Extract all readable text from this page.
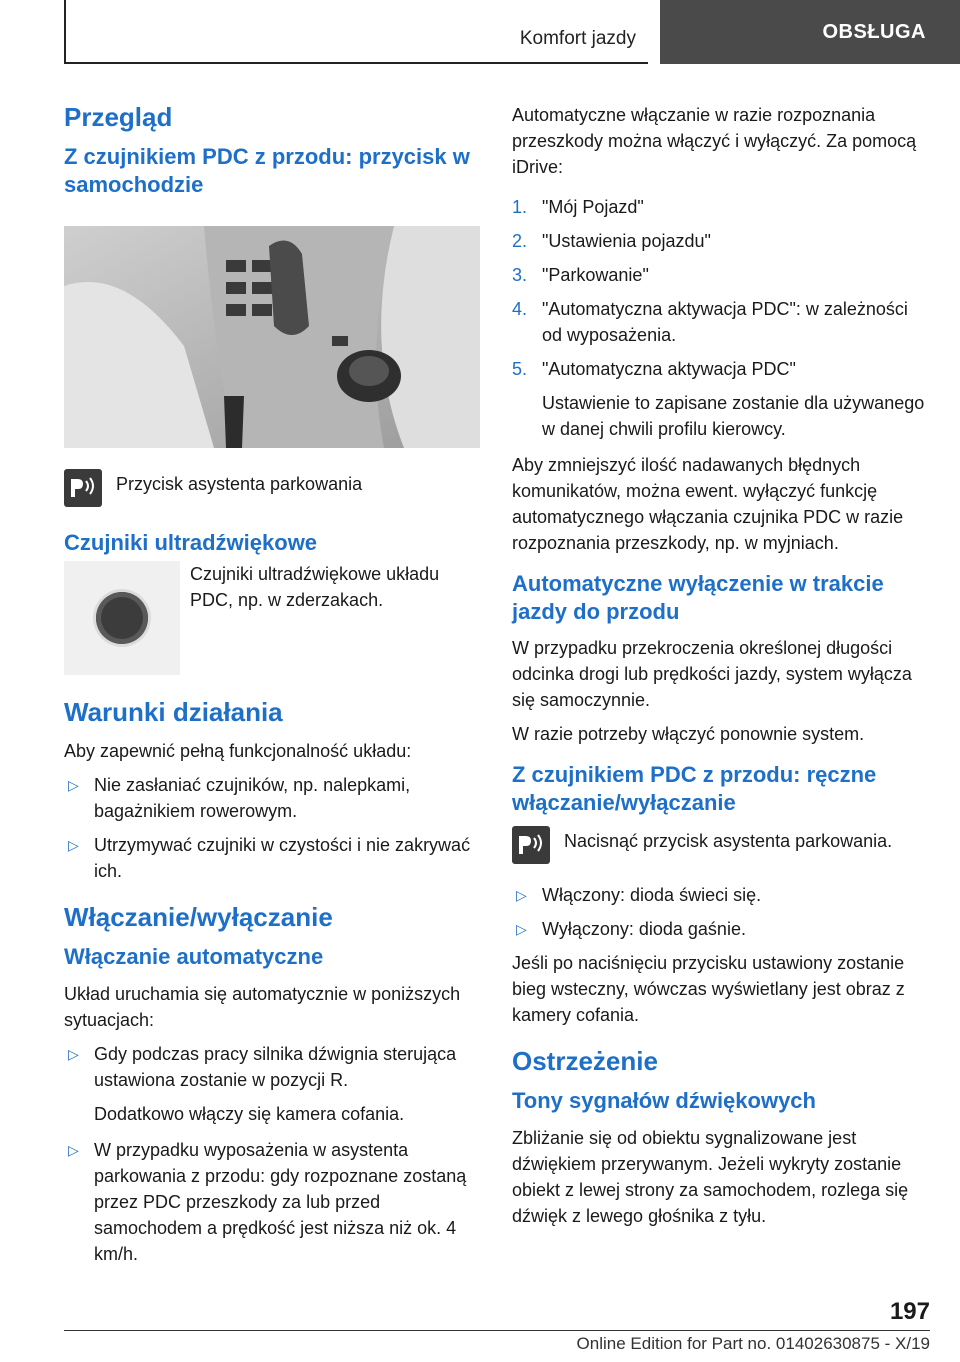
Komfort jazdy	OBSŁUGA
Przegląd
Z czujnikiem PDC z przodu: przycisk w samochodzie
Przycisk asystenta parkowania
Czujniki ultradźwiękowe
Czujniki ultradźwiękowe układu PDC, np. w zderzakach.
Warunki działania
Aby zapewnić pełną funkcjonalność układu:
▷ Nie zasłaniać czujników, np. nalepkami, bagażnikiem rowerowym.
▷ Utrzymywać czujniki w czystości i nie zakrywać ich.
Włączanie/wyłączanie
Włączanie automatyczne
Układ uruchamia się automatycznie w poniższych sytuacjach:
▷ Gdy podczas pracy silnika dźwignia sterująca ustawiona zostanie w pozycji R.
Dodatkowo włączy się kamera cofania.
▷ W przypadku wyposażenia w asystenta parkowania z przodu: gdy rozpoznane zostaną przez PDC przeszkody za lub przed samochodem a prędkość jest niższa niż ok. 4 km/h.
Automatyczne włączanie w razie rozpoznania przeszkody można włączyć i wyłączyć. Za pomocą iDrive:
1. "Mój Pojazd"
2. "Ustawienia pojazdu"
3. "Parkowanie"
4. "Automatyczna aktywacja PDC": w zależności od wyposażenia.
5. "Automatyczna aktywacja PDC"
Ustawienie to zapisane zostanie dla używanego w danej chwili profilu kierowcy.
Aby zmniejszyć ilość nadawanych błędnych komunikatów, można ewent. wyłączyć funkcję automatycznego włączania czujnika PDC w razie rozpoznania przeszkody, np. w myjniach.
Automatyczne wyłączenie w trakcie jazdy do przodu
W przypadku przekroczenia określonej długości odcinka drogi lub prędkości jazdy, system wyłącza się samoczynnie.
W razie potrzeby włączyć ponownie system.
Z czujnikiem PDC z przodu: ręczne włączanie/wyłączanie
Nacisnąć przycisk asystenta parkowania.
▷ Włączony: dioda świeci się.
▷ Wyłączony: dioda gaśnie.
Jeśli po naciśnięciu przycisku ustawiony zostanie bieg wsteczny, wówczas wyświetlany jest obraz z kamery cofania.
Ostrzeżenie
Tony sygnałów dźwiękowych
Zbliżanie się od obiektu sygnalizowane jest dźwiękiem przerywanym. Jeżeli wykryty zostanie obiekt z lewej strony za samochodem, rozlega się dźwięk z lewego głośnika z tyłu.
197
Online Edition for Part no. 01402630875 - X/19
